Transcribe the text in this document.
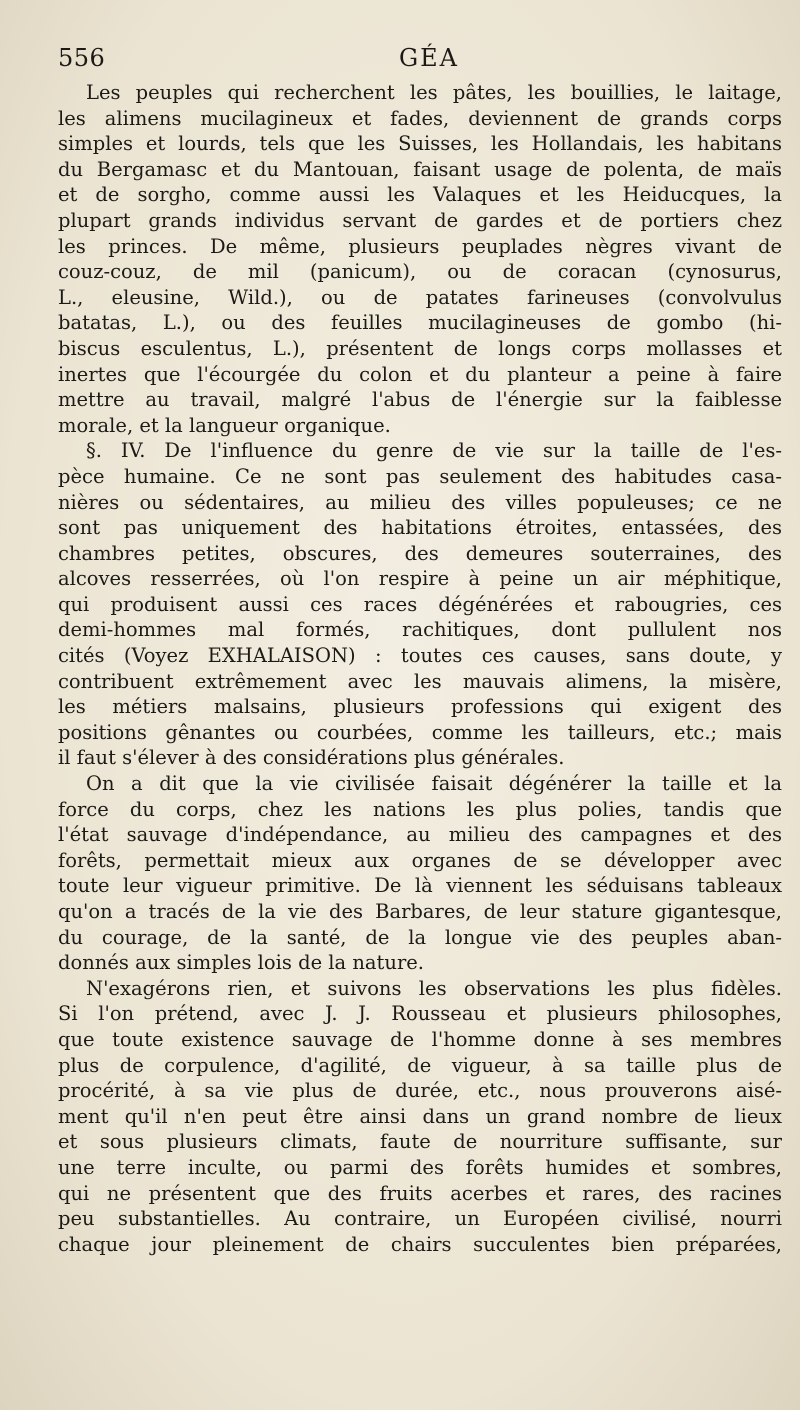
556	GÉA

Les peuples qui recherchent les pâtes, les bouillies, le laitage,

les alimens mucilagineux et fades, deviennent de grands corps

simples et lourds, tels que les Suisses, les Hollandais, les habitans

du Bergamasc et du Mantouan, faisant usage de polenta, de maïs

et de sorgho, comme aussi les Valaques et les Heiducques, la

plupart grands individus servant de gardes et de portiers chez

les princes. De même, plusieurs peuplades nègres vivant de

couz-couz, de mil (panicum), ou de coracan (cynosurus,

L., eleusine, Wild.), ou de patates farineuses (convolvulus

batatas, L.), ou des feuilles mucilagineuses de gombo (hi-

biscus esculentus, L.), présentent de longs corps mollasses et

inertes que l'écourgée du colon et du planteur a peine à faire

mettre au travail, malgré l'abus de l'énergie sur la faiblesse

morale, et la langueur organique.

§. IV. De l'influence du genre de vie sur la taille de l'es-

pèce humaine. Ce ne sont pas seulement des habitudes casa-

nières ou sédentaires, au milieu des villes populeuses; ce ne

sont pas uniquement des habitations étroites, entassées, des

chambres petites, obscures, des demeures souterraines, des

alcoves resserrées, où l'on respire à peine un air méphitique,

qui produisent aussi ces races dégénérées et rabougries, ces

demi-hommes mal formés, rachitiques, dont pullulent nos

cités (Voyez EXHALAISON) : toutes ces causes, sans doute, y

contribuent extrêmement avec les mauvais alimens, la misère,

les métiers malsains, plusieurs professions qui exigent des

positions gênantes ou courbées, comme les tailleurs, etc.; mais

il faut s'élever à des considérations plus générales.

On a dit que la vie civilisée faisait dégénérer la taille et la

force du corps, chez les nations les plus polies, tandis que

l'état sauvage d'indépendance, au milieu des campagnes et des

forêts, permettait mieux aux organes de se développer avec

toute leur vigueur primitive. De là viennent les séduisans tableaux

qu'on a tracés de la vie des Barbares, de leur stature gigantesque,

du courage, de la santé, de la longue vie des peuples aban-

donnés aux simples lois de la nature.

N'exagérons rien, et suivons les observations les plus fidèles.

Si l'on prétend, avec J. J. Rousseau et plusieurs philosophes,

que toute existence sauvage de l'homme donne à ses membres

plus de corpulence, d'agilité, de vigueur, à sa taille plus de

procérité, à sa vie plus de durée, etc., nous prouverons aisé-

ment qu'il n'en peut être ainsi dans un grand nombre de lieux

et sous plusieurs climats, faute de nourriture suffisante, sur

une terre inculte, ou parmi des forêts humides et sombres,

qui ne présentent que des fruits acerbes et rares, des racines

peu substantielles. Au contraire, un Européen civilisé, nourri

chaque jour pleinement de chairs succulentes bien préparées,
